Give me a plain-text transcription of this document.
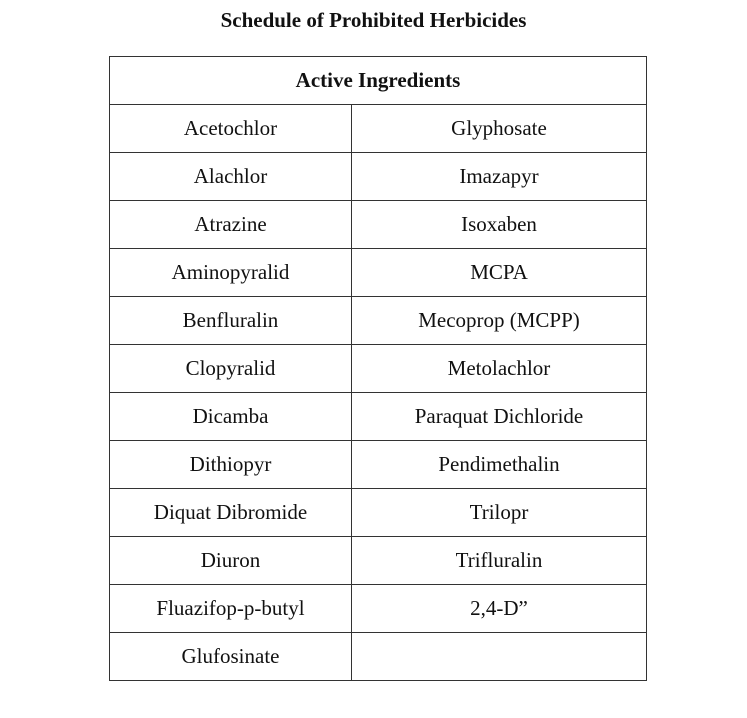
Schedule of Prohibited Herbicides
Active Ingredients	
Acetochlor	Glyphosate
Alachlor	Imazapyr
Atrazine	Isoxaben
Aminopyralid	MCPA
Benfluralin	Mecoprop (MCPP)
Clopyralid	Metolachlor
Dicamba	Paraquat Dichloride
Dithiopyr	Pendimethalin
Diquat Dibromide	Trilopr
Diuron	Trifluralin
Fluazifop-p-butyl	2,4-D”
Glufosinate	
